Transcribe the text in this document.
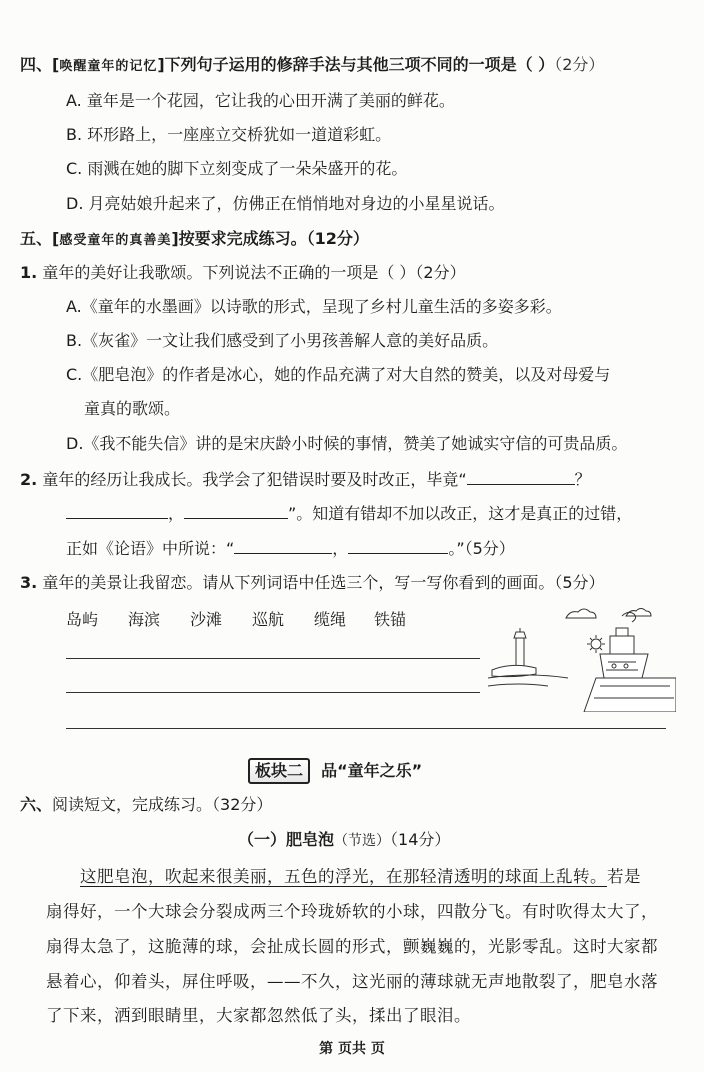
四、[唤醒童年的记忆]下列句子运用的修辞手法与其他三项不同的一项是（ ）（2分）
A. 童年是一个花园，它让我的心田开满了美丽的鲜花。
B. 环形路上，一座座立交桥犹如一道道彩虹。
C. 雨溅在她的脚下立刻变成了一朵朵盛开的花。
D. 月亮姑娘升起来了，仿佛正在悄悄地对身边的小星星说话。
五、[感受童年的真善美]按要求完成练习。（12分）
1. 童年的美好让我歌颂。下列说法不正确的一项是（ ）（2分）
A.《童年的水墨画》以诗歌的形式，呈现了乡村儿童生活的多姿多彩。
B.《灰雀》一文让我们感受到了小男孩善解人意的美好品质。
C.《肥皂泡》的作者是冰心，她的作品充满了对大自然的赞美，以及对母爱与
童真的歌颂。
D.《我不能失信》讲的是宋庆龄小时候的事情，赞美了她诚实守信的可贵品质。
2. 童年的经历让我成长。我学会了犯错误时要及时改正，毕竟“	？
，	”。知道有错却不加以改正，这才是真正的过错，
正如《论语》中所说：“	，	。”（5分）
3. 童年的美景让我留恋。请从下列词语中任选三个，写一写你看到的画面。（5分）
岛屿 海滨 沙滩 巡航 缆绳 铁锚
板块二 品“童年之乐”
六、阅读短文，完成练习。（32分）
（一）肥皂泡（节选）（14分）
这肥皂泡，吹起来很美丽，五色的浮光，在那轻清透明的球面上乱转。若是
扇得好，一个大球会分裂成两三个玲珑娇软的小球，四散分飞。有时吹得太大了，
扇得太急了，这脆薄的球，会扯成长圆的形式，颤巍巍的，光影零乱。这时大家都
悬着心，仰着头，屏住呼吸，——不久，这光丽的薄球就无声地散裂了，肥皂水落
了下来，洒到眼睛里，大家都忽然低了头，揉出了眼泪。
第 页共 页
